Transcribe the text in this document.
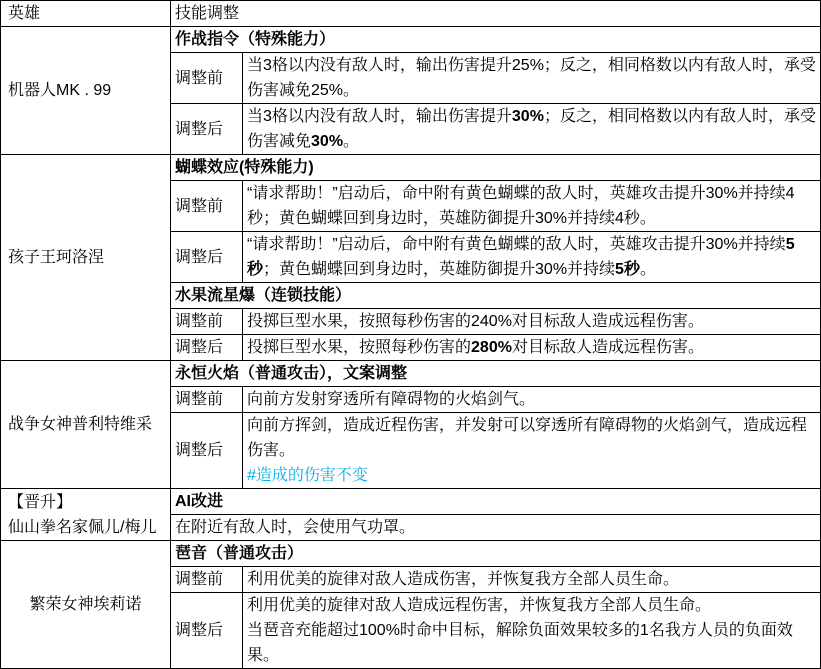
英雄	技能调整	

机器人MK . 99	作战指令（特殊能力）	
	调整前	当3格以内没有敌人时，输出伤害提升25%；反之，相同格数以内有敌人时，承受伤害减免25%。

	调整后	当3格以内没有敌人时，输出伤害提升30%；反之，相同格数以内有敌人时，承受伤害减免30%。

孩子王珂洛涅	蝴蝶效应(特殊能力)	
	调整前	“请求帮助！”启动后，命中附有黄色蝴蝶的敌人时，英雄攻击提升30%并持续4秒；黄色蝴蝶回到身边时，英雄防御提升30%并持续4秒。

	调整后	“请求帮助！”启动后，命中附有黄色蝴蝶的敌人时，英雄攻击提升30%并持续5秒；黄色蝴蝶回到身边时，英雄防御提升30%并持续5秒。

	水果流星爆（连锁技能）	
	调整前	投掷巨型水果，按照每秒伤害的240%对目标敌人造成远程伤害。

	调整后	投掷巨型水果，按照每秒伤害的280%对目标敌人造成远程伤害。

战争女神普利特维采	永恒火焰（普通攻击），文案调整	
	调整前	向前方发射穿透所有障碍物的火焰剑气。

	调整后	向前方挥剑，造成近程伤害，并发射可以穿透所有障碍物的火焰剑气，造成远程伤害。
#造成的伤害不变

【晋升】
仙山拳名家佩儿/梅儿	AI改进	

	在附近有敌人时，会使用气功罩。	

繁荣女神埃莉诺	琶音（普通攻击）	
	调整前	利用优美的旋律对敌人造成伤害，并恢复我方全部人员生命。

	调整后	利用优美的旋律对敌人造成远程伤害，并恢复我方全部人员生命。
当琶音充能超过100%时命中目标，解除负面效果较多的1名我方人员的负面效果。
